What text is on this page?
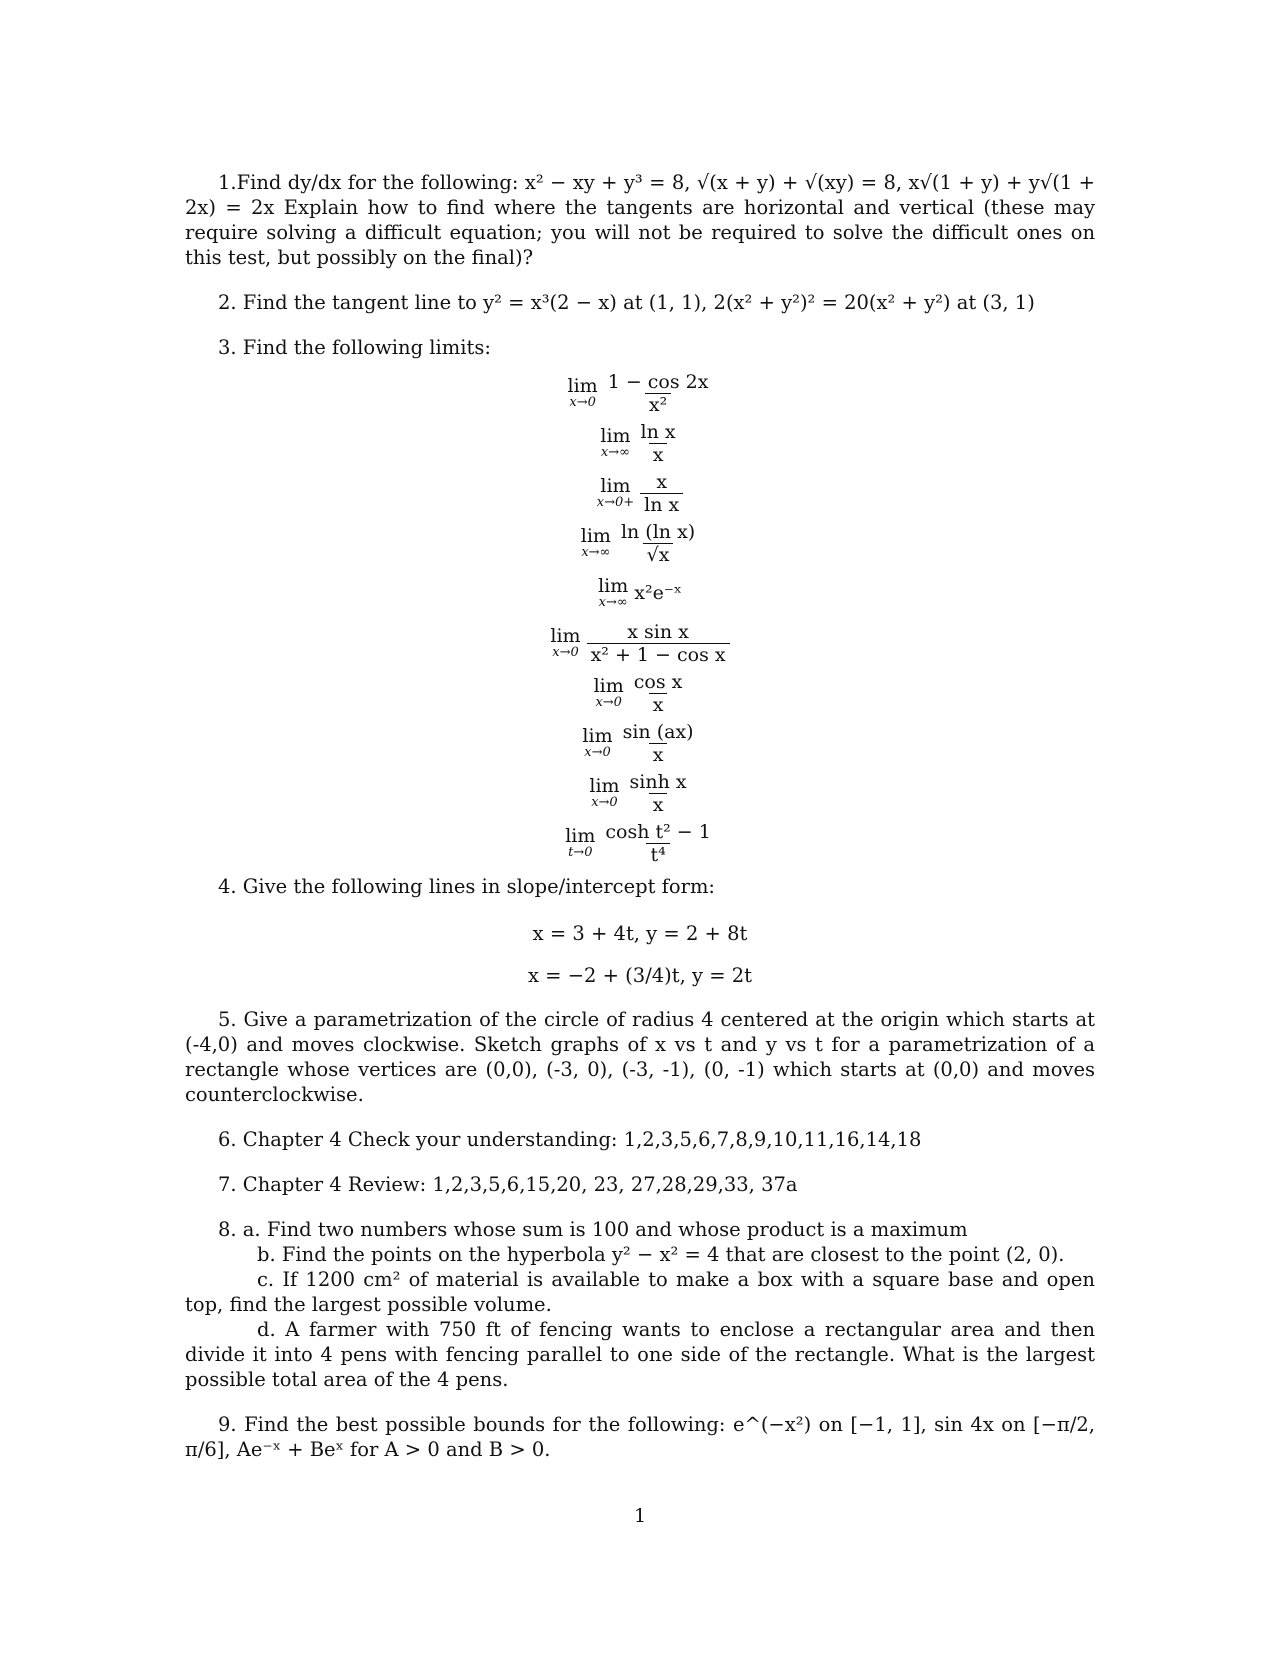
1.Find dy/dx for the following: x² − xy + y³ = 8, √(x + y) + √(xy) = 8, x√(1 + y) + y√(1 + 2x) = 2x Explain how to find where the tangents are horizontal and vertical (these may require solving a difficult equation; you will not be required to solve the difficult ones on this test, but possibly on the final)?

2. Find the tangent line to y² = x³(2 − x) at (1, 1), 2(x² + y²)² = 20(x² + y²) at (3, 1)

3. Find the following limits:

lim
$x\to 0 \frac{1 - \cos 2x}{\text{x²}}$
lim
$x\to\infty \frac{\text{ln x}}{x}$
lim
$x\to 0+ \frac{x}{\text{ln x}}$
lim
$x\to\infty \frac{\text{ln (ln x)}}{√x}$
lim
x→∞ x²e⁻ˣ
lim
$x\to 0 \frac{\text{x sin x}}{\text{x² + 1 − cos x}}$
lim
$x\to 0 \frac{\text{cos x}}{x}$
lim
$x\to 0 \frac{\sin (ax)}{x}$
lim
$x\to 0 \frac{\text{sinh x}}{x}$
lim
$t\to 0 \frac{\text{cosh t² − 1}}{\text{t⁴}}$

4. Give the following lines in slope/intercept form:

x = 3 + 4t, y = 2 + 8t
x = −2 + (3/4)t, y = 2t

5. Give a parametrization of the circle of radius 4 centered at the origin which starts at (-4,0) and moves clockwise. Sketch graphs of x vs t and y vs t for a parametrization of a rectangle whose vertices are (0,0), (-3, 0), (-3, -1), (0, -1) which starts at (0,0) and moves counterclockwise.

6. Chapter 4 Check your understanding: 1,2,3,5,6,7,8,9,10,11,16,14,18

7. Chapter 4 Review: 1,2,3,5,6,15,20, 23, 27,28,29,33, 37a

8. a. Find two numbers whose sum is 100 and whose product is a maximum

b. Find the points on the hyperbola y² − x² = 4 that are closest to the point (2, 0).

c. If 1200 cm² of material is available to make a box with a square base and open top, find the largest possible volume.

d. A farmer with 750 ft of fencing wants to enclose a rectangular area and then divide it into 4 pens with fencing parallel to one side of the rectangle. What is the largest possible total area of the 4 pens.

9. Find the best possible bounds for the following: e^(−x²) on [−1, 1], sin 4x on [−π/2, π/6], Ae⁻ˣ + Beˣ for A > 0 and B > 0.

1
